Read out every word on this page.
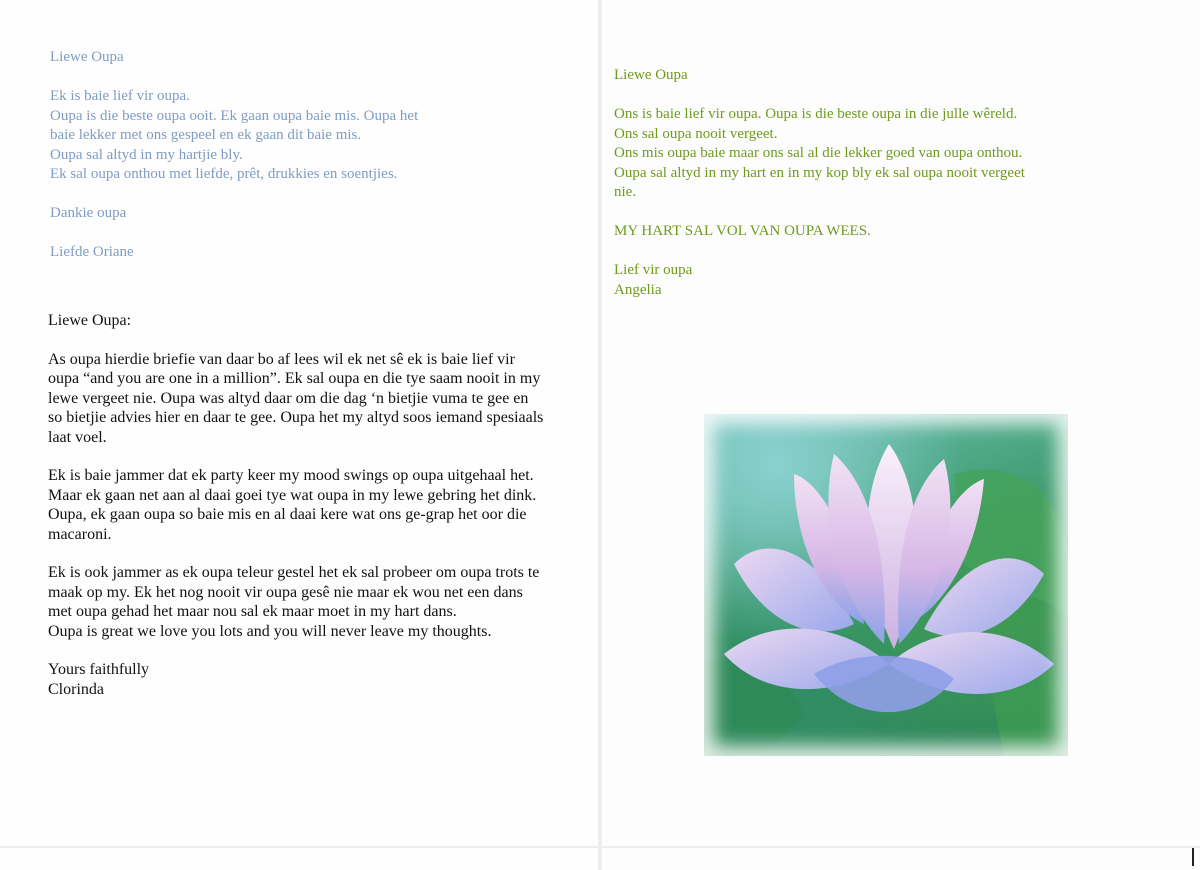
Liewe Oupa

Ek is baie lief vir oupa.

Oupa is die beste oupa ooit. Ek gaan oupa baie mis. Oupa het

baie lekker met ons gespeel en ek gaan dit baie mis.

Oupa sal altyd in my hartjie bly.

Ek sal oupa onthou met liefde, prêt, drukkies en soentjies.

Dankie oupa

Liefde Oriane

Liewe Oupa:

As oupa hierdie briefie van daar bo af lees wil ek net sê ek is baie lief vir

oupa “and you are one in a million”. Ek sal oupa en die tye saam nooit in my

lewe vergeet nie. Oupa was altyd daar om die dag ‘n bietjie vuma te gee en

so bietjie advies hier en daar te gee. Oupa het my altyd soos iemand spesiaals

laat voel.

Ek is baie jammer dat ek party keer my mood swings op oupa uitgehaal het.

Maar ek gaan net aan al daai goei tye wat oupa in my lewe gebring het dink.

Oupa, ek gaan oupa so baie mis en al daai kere wat ons ge-grap het oor die

macaroni.

Ek is ook jammer as ek oupa teleur gestel het ek sal probeer om oupa trots te

maak op my. Ek het nog nooit vir oupa gesê nie maar ek wou net een dans

met oupa gehad het maar nou sal ek maar moet in my hart dans.

Oupa is great we love you lots and you will never leave my thoughts.

Yours faithfully

Clorinda

Liewe Oupa

Ons is baie lief vir oupa. Oupa is die beste oupa in die julle wêreld.

Ons sal oupa nooit vergeet.

Ons mis oupa baie maar ons sal al die lekker goed van oupa onthou.

Oupa sal altyd in my hart en in my kop bly ek sal oupa nooit vergeet

nie.

MY HART SAL VOL VAN OUPA WEES.

Lief vir oupa

Angelia
